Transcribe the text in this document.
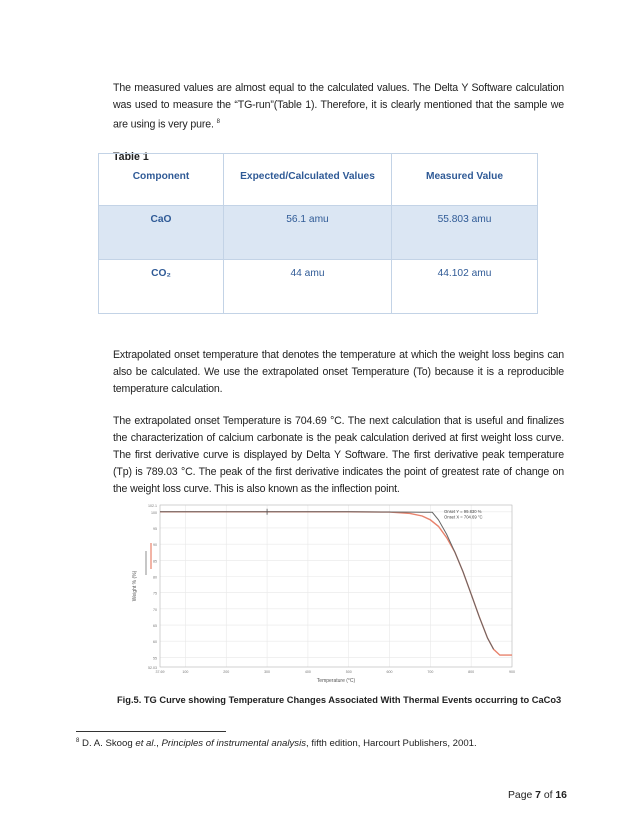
The measured values are almost equal to the calculated values. The Delta Y Software calculation was used to measure the “TG-run”(Table 1). Therefore, it is clearly mentioned that the sample we are using is very pure. $^8$
Table 1
Component	Expected/Calculated Values	Measured Value
CaO	56.1 amu	55.803 amu
CO₂	44 amu	44.102 amu
Extrapolated onset temperature that denotes the temperature at which the weight loss begins can also be calculated. We use the extrapolated onset Temperature (To) because it is a reproducible temperature calculation.
The extrapolated onset Temperature is 704.69 °C. The next calculation that is useful and finalizes the characterization of calcium carbonate is the peak calculation derived at first weight loss curve. The first derivative curve is displayed by Delta Y Software. The first derivative peak temperature (Tp) is 789.03 °C. The peak of the first derivative indicates the point of greatest rate of change on the weight loss curve. This is also known as the inflection point.
102.1
100
95
90
85
80
75
70
65
60
55
52.03
37.69	100	200	300	400	500	600	700	800	900
Onset Y = 99.830 %
Onset X = 704.69 °C
Temperature (°C)
Weight % (%)
Fig.5. TG Curve showing Temperature Changes Associated With Thermal Events occurring to CaCo3
$^8$ D. A. Skoog et al., Principles of instrumental analysis, fifth edition, Harcourt Publishers, 2001.
Page 7 of 16
